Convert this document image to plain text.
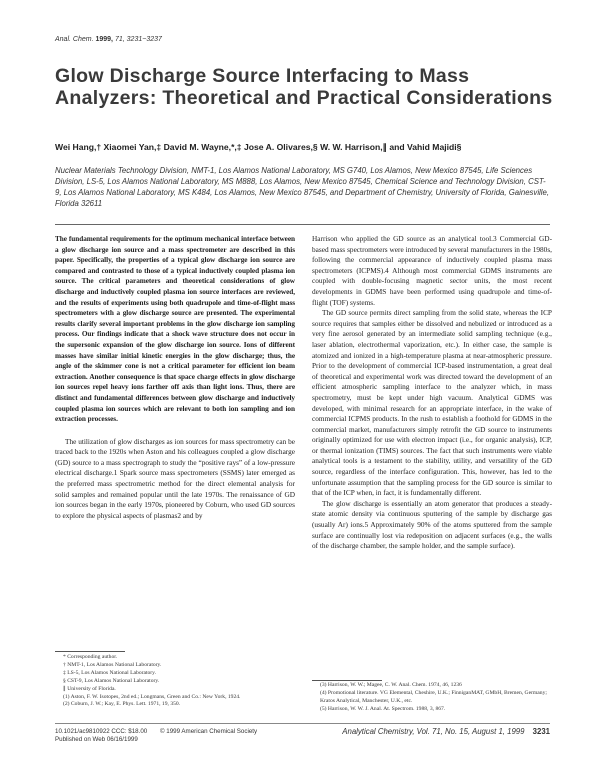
Anal. Chem. 1999, 71, 3231−3237
Glow Discharge Source Interfacing to Mass Analyzers: Theoretical and Practical Considerations
Wei Hang,† Xiaomei Yan,‡ David M. Wayne,*,‡ Jose A. Olivares,§ W. W. Harrison,∥ and Vahid Majidi§
Nuclear Materials Technology Division, NMT-1, Los Alamos National Laboratory, MS G740, Los Alamos, New Mexico 87545, Life Sciences Division, LS-5, Los Alamos National Laboratory, MS M888, Los Alamos, New Mexico 87545, Chemical Science and Technology Division, CST-9, Los Alamos National Laboratory, MS K484, Los Alamos, New Mexico 87545, and Department of Chemistry, University of Florida, Gainesville, Florida 32611

The fundamental requirements for the optimum mechanical interface between a glow discharge ion source and a mass spectrometer are described in this paper. Specifically, the properties of a typical glow discharge ion source are compared and contrasted to those of a typical inductively coupled plasma ion source. The critical parameters and theoretical considerations of glow discharge and inductively coupled plasma ion source interfaces are reviewed, and the results of experiments using both quadrupole and time-of-flight mass spectrometers with a glow discharge source are presented. The experimental results clarify several important problems in the glow discharge ion sampling process. Our findings indicate that a shock wave structure does not occur in the supersonic expansion of the glow discharge ion source. Ions of different masses have similar initial kinetic energies in the glow discharge; thus, the angle of the skimmer cone is not a critical parameter for efficient ion beam extraction. Another consequence is that space charge effects in glow discharge ion sources repel heavy ions farther off axis than light ions. Thus, there are distinct and fundamental differences between glow discharge and inductively coupled plasma ion sources which are relevant to both ion sampling and ion extraction processes.

The utilization of glow discharges as ion sources for mass spectrometry can be traced back to the 1920s when Aston and his colleagues coupled a glow discharge (GD) source to a mass spectrograph to study the “positive rays” of a low-pressure electrical discharge.1 Spark source mass spectrometers (SSMS) later emerged as the preferred mass spectrometric method for the direct elemental analysis for solid samples and remained popular until the late 1970s. The renaissance of GD ion sources began in the early 1970s, pioneered by Coburn, who used GD sources to explore the physical aspects of plasmas2 and by

Harrison who applied the GD source as an analytical tool.3 Commercial GD-based mass spectrometers were introduced by several manufacturers in the 1980s, following the commercial appearance of inductively coupled plasma mass spectrometers (ICPMS).4 Although most commercial GDMS instruments are coupled with double-focusing magnetic sector units, the most recent developments in GDMS have been performed using quadrupole and time-of-flight (TOF) systems.

The GD source permits direct sampling from the solid state, whereas the ICP source requires that samples either be dissolved and nebulized or introduced as a very fine aerosol generated by an intermediate solid sampling technique (e.g., laser ablation, electrothermal vaporization, etc.). In either case, the sample is atomized and ionized in a high-temperature plasma at near-atmospheric pressure. Prior to the development of commercial ICP-based instrumentation, a great deal of theoretical and experimental work was directed toward the development of an efficient atmospheric sampling interface to the analyzer which, in mass spectrometry, must be kept under high vacuum. Analytical GDMS was developed, with minimal research for an appropriate interface, in the wake of commercial ICPMS products. In the rush to establish a foothold for GDMS in the commercial market, manufacturers simply retrofit the GD source to instruments originally optimized for use with electron impact (i.e., for organic analysis), ICP, or thermal ionization (TIMS) sources. The fact that such instruments were viable analytical tools is a testament to the stability, utility, and versatility of the GD source, regardless of the interface configuration. This, however, has led to the unfortunate assumption that the sampling process for the GD source is similar to that of the ICP when, in fact, it is fundamentally different.

The glow discharge is essentially an atom generator that produces a steady-state atomic density via continuous sputtering of the sample by discharge gas (usually Ar) ions.5 Approximately 90% of the atoms sputtered from the sample surface are continually lost via redeposition on adjacent surfaces (e.g., the walls of the discharge chamber, the sample holder, and the sample surface).

* Corresponding author.

† NMT-1, Los Alamos National Laboratory.

‡ LS-5, Los Alamos National Laboratory.

§ CST-9, Los Alamos National Laboratory.

∥ University of Florida.

(1) Aston, F. W. Isotopes, 2nd ed.; Longmans, Green and Co.: New York, 1924.

(2) Coburn, J. W.; Kay, E. Phys. Lett. 1971, 19, 350.

(3) Harrison, W. W.; Magee, C. W. Anal. Chem. 1974, 46, 1236

(4) Promotional literature. VG Elemental, Cheshire, U.K.; FinniganMAT, GMbH, Bremen, Germany; Kratos Analytical, Manchester, U.K., etc.

(5) Harrison, W. W. J. Anal. At. Spectrom. 1988, 3, 867.

10.1021/ac9810922 CCC: $18.00 © 1999 American Chemical Society
Published on Web 06/16/1999
Analytical Chemistry, Vol. 71, No. 15, August 1, 1999 3231
